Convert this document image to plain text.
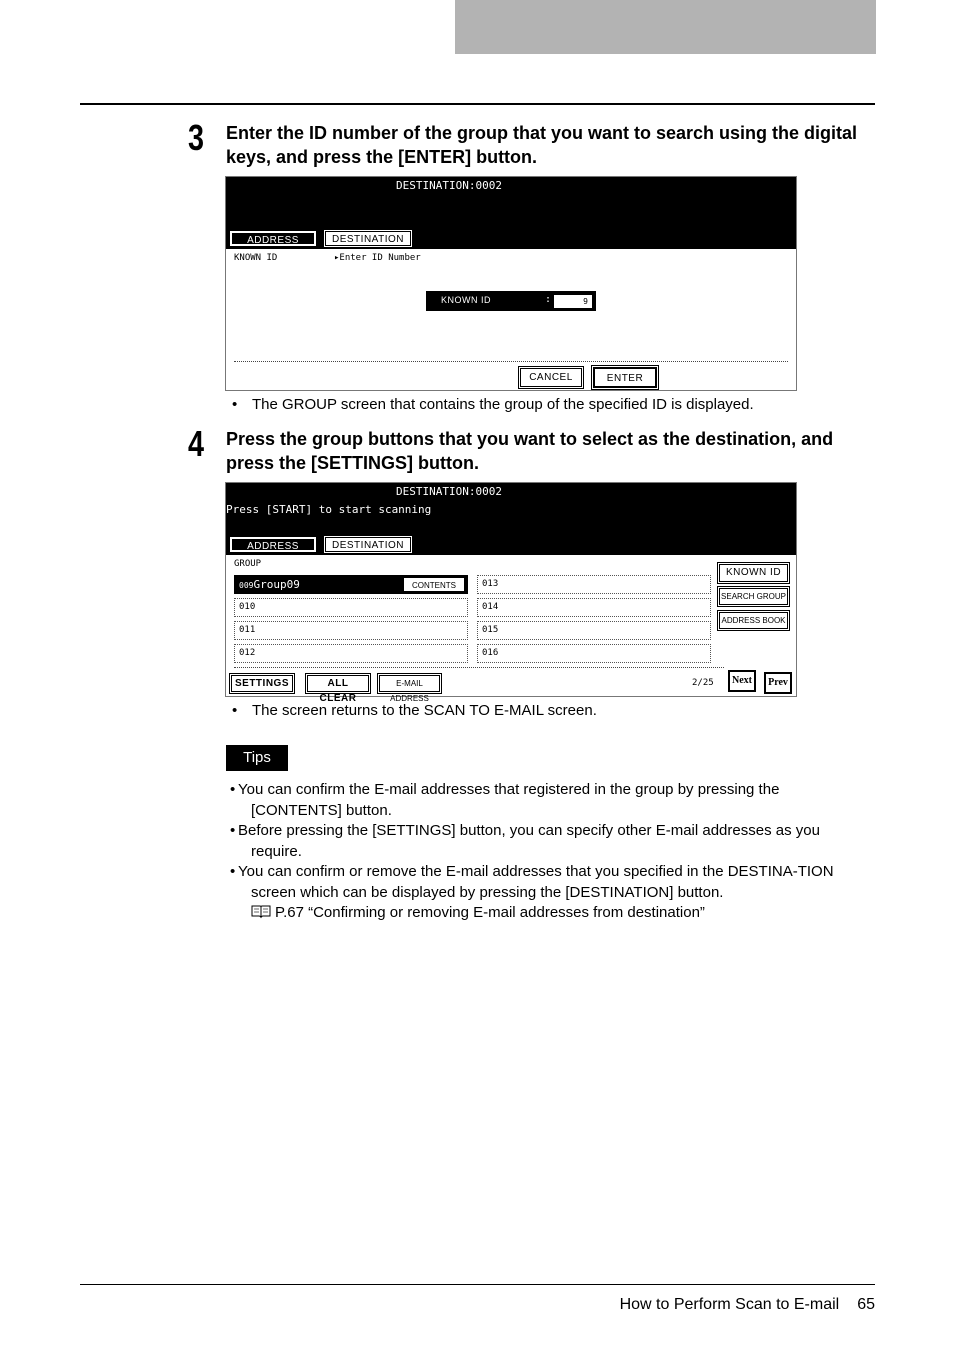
3	Enter the ID number of the group that you want to search using the digital keys, and press the [ENTER] button.
DESTINATION:0002
ADDRESS	DESTINATION
KNOWN ID	▸Enter ID Number
KNOWN ID	:	9
CANCEL	ENTER
• The GROUP screen that contains the group of the specified ID is displayed.
4	Press the group buttons that you want to select as the destination, and press the [SETTINGS] button.
DESTINATION:0002
Press [START] to start scanning
ADDRESS	DESTINATION
GROUP
009Group09	CONTENTS
010
011
012
013
014
015
016
KNOWN ID
SEARCH GROUP
ADDRESS BOOK
SETTINGS	ALL CLEAR
E-MAIL ADDRESS
2/25	Next	Prev
• The screen returns to the SCAN TO E-MAIL screen.
Tips
• You can confirm the E-mail addresses that registered in the group by pressing the [CONTENTS] button.
• Before pressing the [SETTINGS] button, you can specify other E-mail addresses as you require.
• You can confirm or remove the E-mail addresses that you specified in the DESTINA-TION screen which can be displayed by pressing the [DESTINATION] button.
P.67 “Confirming or removing E-mail addresses from destination”
How to Perform Scan to E-mail 65
